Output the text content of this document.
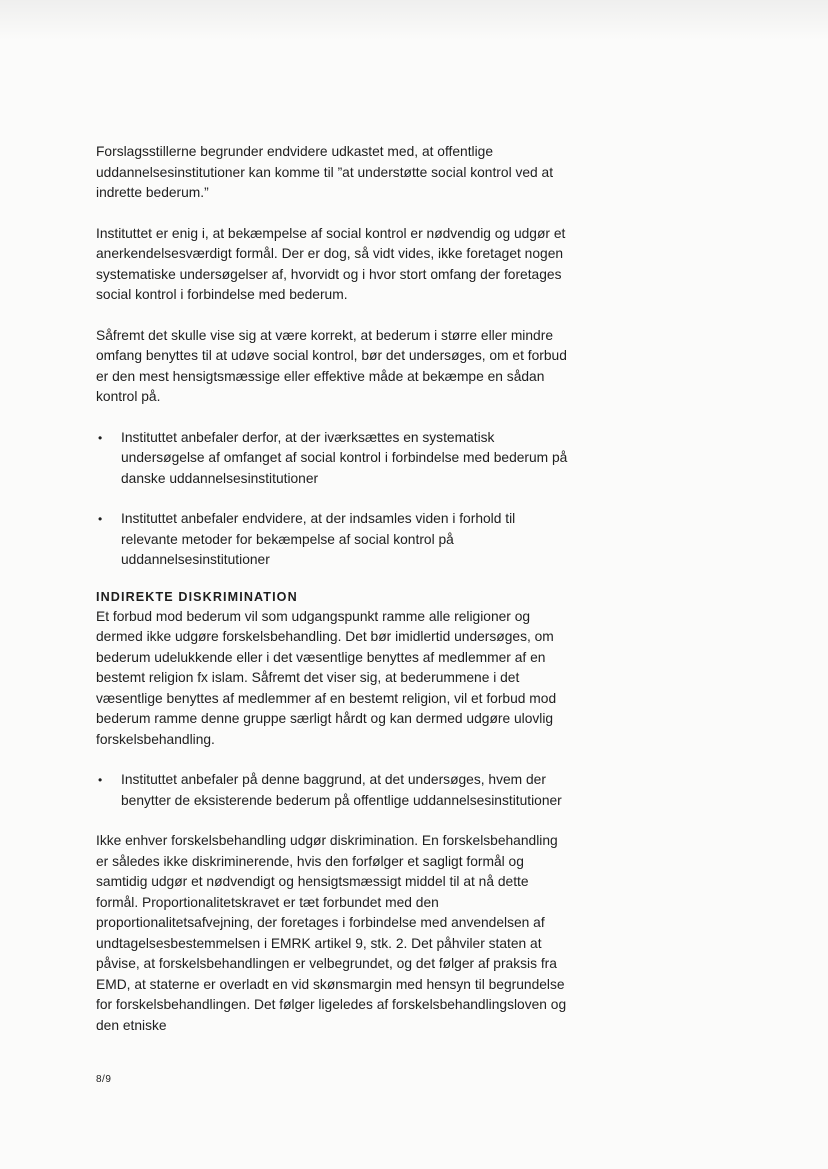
Forslagsstillerne begrunder endvidere udkastet med, at offentlige uddannelsesinstitutioner kan komme til ”at understøtte social kontrol ved at indrette bederum.”

Instituttet er enig i, at bekæmpelse af social kontrol er nødvendig og udgør et anerkendelsesværdigt formål. Der er dog, så vidt vides, ikke foretaget nogen systematiske undersøgelser af, hvorvidt og i hvor stort omfang der foretages social kontrol i forbindelse med bederum.

Såfremt det skulle vise sig at være korrekt, at bederum i større eller mindre omfang benyttes til at udøve social kontrol, bør det undersøges, om et forbud er den mest hensigtsmæssige eller effektive måde at bekæmpe en sådan kontrol på.

• Instituttet anbefaler derfor, at der iværksættes en systematisk undersøgelse af omfanget af social kontrol i forbindelse med bederum på danske uddannelsesinstitutioner
• Instituttet anbefaler endvidere, at der indsamles viden i forhold til relevante metoder for bekæmpelse af social kontrol på uddannelsesinstitutioner
INDIREKTE DISKRIMINATION

Et forbud mod bederum vil som udgangspunkt ramme alle religioner og dermed ikke udgøre forskelsbehandling. Det bør imidlertid undersøges, om bederum udelukkende eller i det væsentlige benyttes af medlemmer af en bestemt religion fx islam. Såfremt det viser sig, at bederummene i det væsentlige benyttes af medlemmer af en bestemt religion, vil et forbud mod bederum ramme denne gruppe særligt hårdt og kan dermed udgøre ulovlig forskelsbehandling.

• Instituttet anbefaler på denne baggrund, at det undersøges, hvem der benytter de eksisterende bederum på offentlige uddannelsesinstitutioner

Ikke enhver forskelsbehandling udgør diskrimination. En forskelsbehandling er således ikke diskriminerende, hvis den forfølger et sagligt formål og samtidig udgør et nødvendigt og hensigtsmæssigt middel til at nå dette formål. Proportionalitetskravet er tæt forbundet med den proportionalitetsafvejning, der foretages i forbindelse med anvendelsen af undtagelsesbestemmelsen i EMRK artikel 9, stk. 2. Det påhviler staten at påvise, at forskelsbehandlingen er velbegrundet, og det følger af praksis fra EMD, at staterne er overladt en vid skønsmargin med hensyn til begrundelse for forskelsbehandlingen. Det følger ligeledes af forskelsbehandlingsloven og den etniske

8/9
